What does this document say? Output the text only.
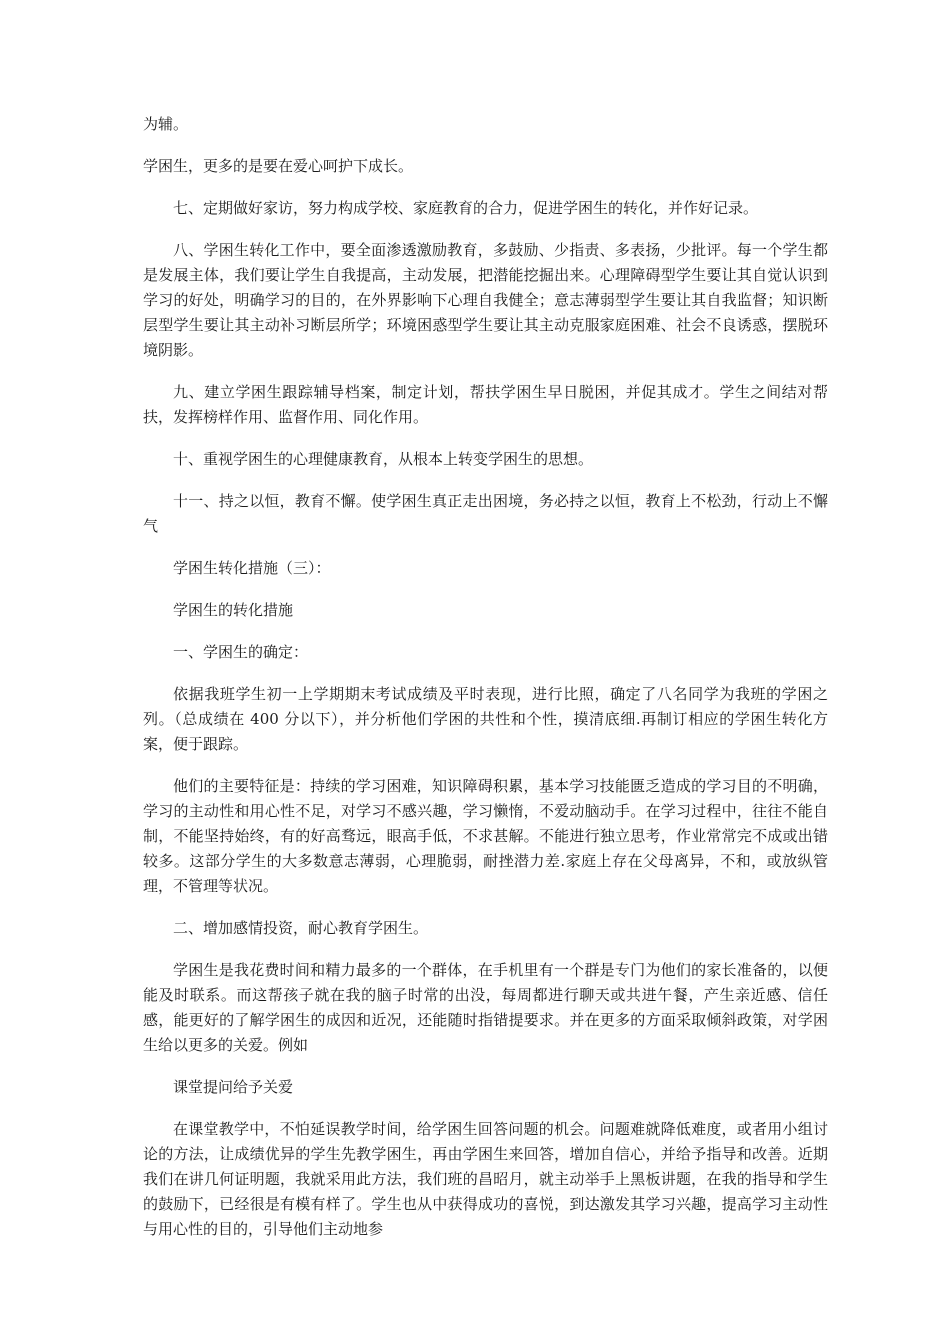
为辅。

学困生，更多的是要在爱心呵护下成长。

七、定期做好家访，努力构成学校、家庭教育的合力，促进学困生的转化，并作好记录。

八、学困生转化工作中，要全面渗透激励教育，多鼓励、少指责、多表扬，少批评。每一个学生都是发展主体，我们要让学生自我提高，主动发展，把潜能挖掘出来。心理障碍型学生要让其自觉认识到学习的好处，明确学习的目的，在外界影响下心理自我健全；意志薄弱型学生要让其自我监督；知识断层型学生要让其主动补习断层所学；环境困惑型学生要让其主动克服家庭困难、社会不良诱惑，摆脱环境阴影。

九、建立学困生跟踪辅导档案，制定计划，帮扶学困生早日脱困，并促其成才。学生之间结对帮扶，发挥榜样作用、监督作用、同化作用。

十、重视学困生的心理健康教育，从根本上转变学困生的思想。

十一、持之以恒，教育不懈。使学困生真正走出困境，务必持之以恒，教育上不松劲，行动上不懈气

学困生转化措施（三）：

学困生的转化措施

一、学困生的确定：

依据我班学生初一上学期期末考试成绩及平时表现，进行比照，确定了八名同学为我班的学困之列。（总成绩在 400 分以下），并分析他们学困的共性和个性，摸清底细.再制订相应的学困生转化方案，便于跟踪。

他们的主要特征是：持续的学习困难，知识障碍积累，基本学习技能匮乏造成的学习目的不明确，学习的主动性和用心性不足，对学习不感兴趣，学习懒惰，不爱动脑动手。在学习过程中，往往不能自制，不能坚持始终，有的好高骛远，眼高手低，不求甚解。不能进行独立思考，作业常常完不成或出错较多。这部分学生的大多数意志薄弱，心理脆弱，耐挫潜力差.家庭上存在父母离异，不和，或放纵管理，不管理等状况。

二、增加感情投资，耐心教育学困生。

学困生是我花费时间和精力最多的一个群体，在手机里有一个群是专门为他们的家长准备的，以便能及时联系。而这帮孩子就在我的脑子时常的出没，每周都进行聊天或共进午餐，产生亲近感、信任感，能更好的了解学困生的成因和近况，还能随时指错提要求。并在更多的方面采取倾斜政策，对学困生给以更多的关爱。例如

课堂提问给予关爱

在课堂教学中，不怕延误教学时间，给学困生回答问题的机会。问题难就降低难度，或者用小组讨论的方法，让成绩优异的学生先教学困生，再由学困生来回答，增加自信心，并给予指导和改善。近期我们在讲几何证明题，我就采用此方法，我们班的昌昭月，就主动举手上黑板讲题，在我的指导和学生的鼓励下，已经很是有模有样了。学生也从中获得成功的喜悦，到达激发其学习兴趣，提高学习主动性与用心性的目的，引导他们主动地参
